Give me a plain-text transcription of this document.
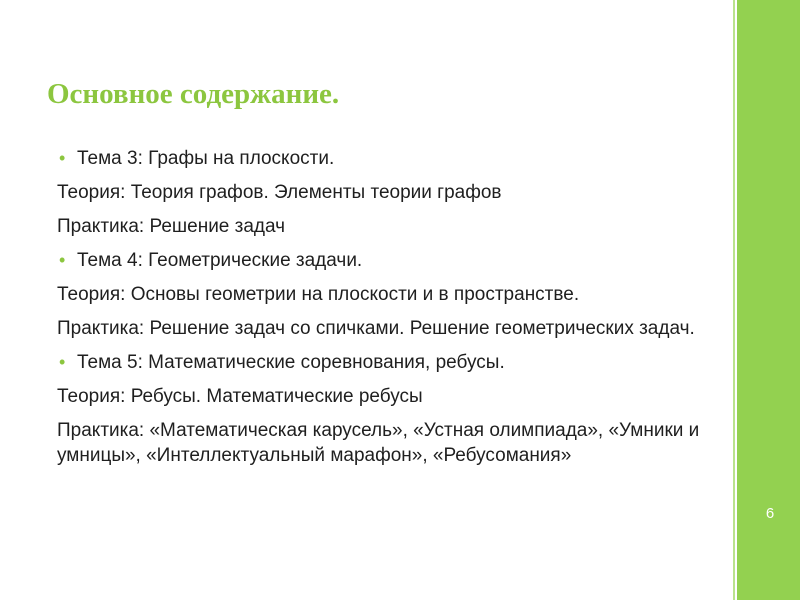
6
Основное содержание.
• Тема 3: Графы на плоскости.
Теория: Теория графов. Элементы теории графов
Практика: Решение задач
• Тема 4: Геометрические задачи.
Теория: Основы геометрии на плоскости и в пространстве.
Практика: Решение задач со спичками. Решение геометрических задач.
• Тема 5: Математические соревнования, ребусы.
Теория: Ребусы. Математические ребусы
Практика: «Математическая карусель», «Устная олимпиада», «Умники и умницы», «Интеллектуальный марафон», «Ребусомания»
